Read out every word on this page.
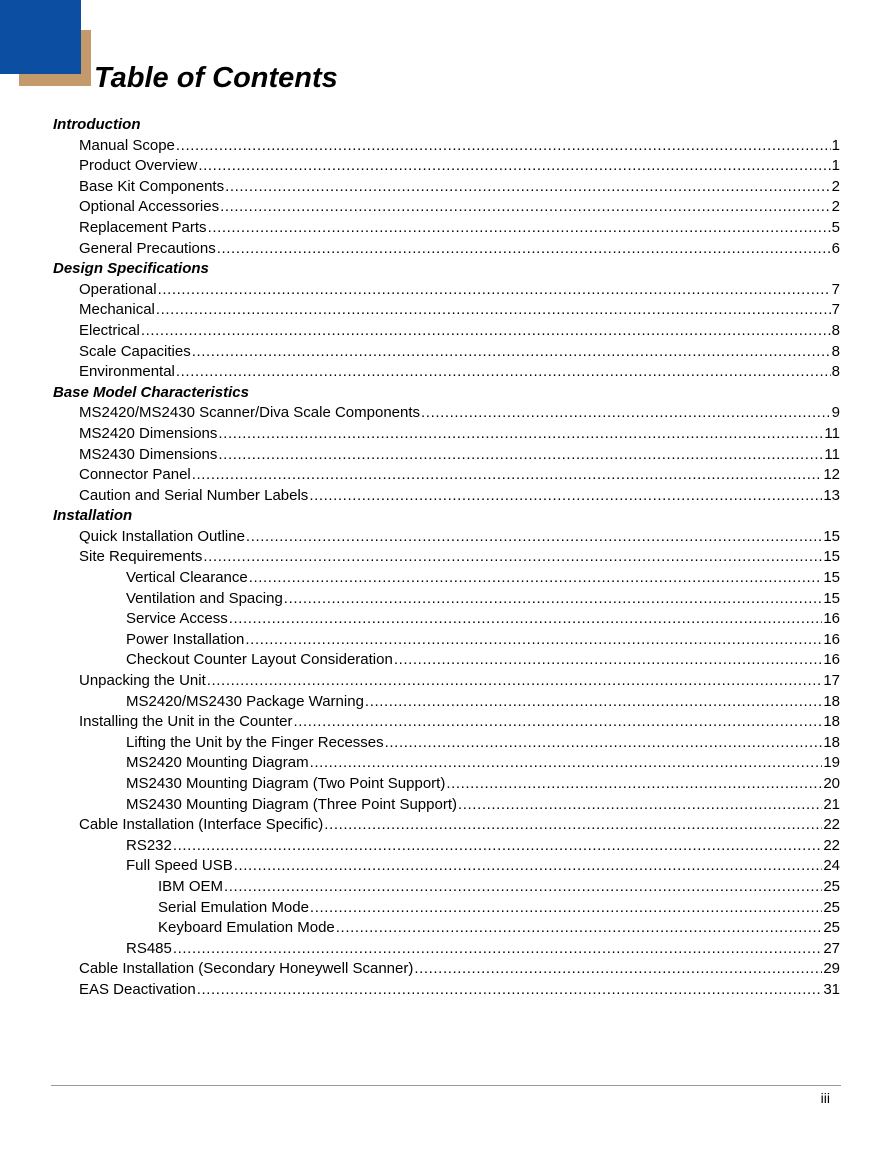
Table of Contents
Introduction
Manual Scope .....	1
Product Overview .....	1
Base Kit Components .....	2
Optional Accessories .....	2
Replacement Parts .....	5
General Precautions .....	6
Design Specifications
Operational .....	7
Mechanical .....	7
Electrical .....	8
Scale Capacities .....	8
Environmental .....	8
Base Model Characteristics
MS2420/MS2430 Scanner/Diva Scale Components .....	9
MS2420 Dimensions .....	11
MS2430 Dimensions .....	11
Connector Panel .....	12
Caution and Serial Number Labels .....	13
Installation
Quick Installation Outline .....	15
Site Requirements .....	15
Vertical Clearance .....	15
Ventilation and Spacing .....	15
Service Access .....	16
Power Installation .....	16
Checkout Counter Layout Consideration .....	16
Unpacking the Unit .....	17
MS2420/MS2430 Package Warning .....	18
Installing the Unit in the Counter .....	18
Lifting the Unit by the Finger Recesses .....	18
MS2420 Mounting Diagram .....	19
MS2430 Mounting Diagram (Two Point Support) .....	20
MS2430 Mounting Diagram (Three Point Support) .....	21
Cable Installation (Interface Specific) .....	22
RS232 .....	22
Full Speed USB .....	24
IBM OEM .....	25
Serial Emulation Mode .....	25
Keyboard Emulation Mode .....	25
RS485 .....	27
Cable Installation (Secondary Honeywell Scanner) .....	29
EAS Deactivation .....	31
iii
